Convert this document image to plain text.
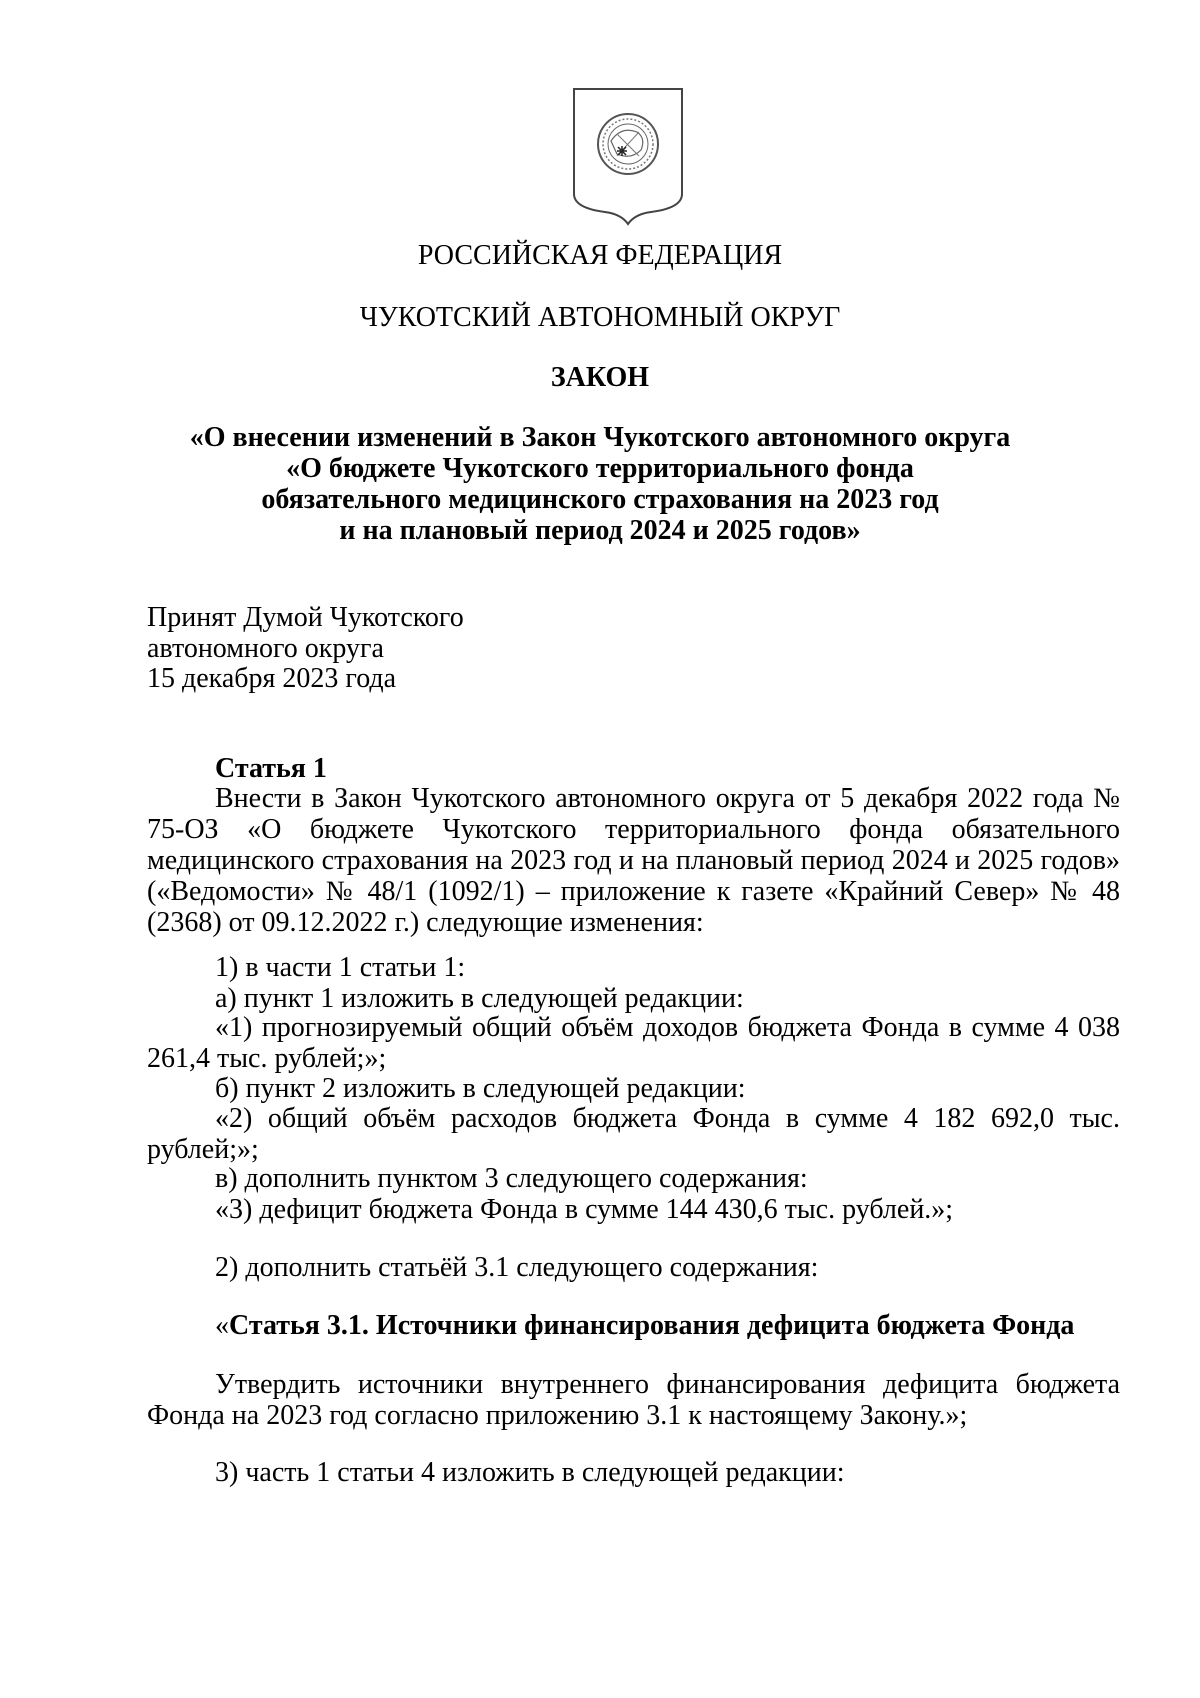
РОССИЙСКАЯ ФЕДЕРАЦИЯ
ЧУКОТСКИЙ АВТОНОМНЫЙ ОКРУГ
ЗАКОН
«О внесении изменений в Закон Чукотского автономного округа
«О бюджете Чукотского территориального фонда
обязательного медицинского страхования на 2023 год
и на плановый период 2024 и 2025 годов»
Принят Думой Чукотского
автономного округа
15 декабря 2023 года
Статья 1
Внести в Закон Чукотского автономного округа от 5 декабря 2022 года № 75-ОЗ «О бюджете Чукотского территориального фонда обязательного медицинского страхования на 2023 год и на плановый период 2024 и 2025 годов» («Ведомости» № 48/1 (1092/1) – приложение к газете «Крайний Север» № 48 (2368) от 09.12.2022 г.) следующие изменения:
1) в части 1 статьи 1:
а) пункт 1 изложить в следующей редакции:
«1) прогнозируемый общий объём доходов бюджета Фонда в сумме 4 038 261,4 тыс. рублей;»;
б) пункт 2 изложить в следующей редакции:
«2) общий объём расходов бюджета Фонда в сумме 4 182 692,0 тыс. рублей;»;
в) дополнить пунктом 3 следующего содержания:
«3) дефицит бюджета Фонда в сумме 144 430,6 тыс. рублей.»;
2) дополнить статьёй 3.1 следующего содержания:
«Статья 3.1. Источники финансирования дефицита бюджета Фонда
Утвердить источники внутреннего финансирования дефицита бюджета Фонда на 2023 год согласно приложению 3.1 к настоящему Закону.»;
3) часть 1 статьи 4 изложить в следующей редакции:
